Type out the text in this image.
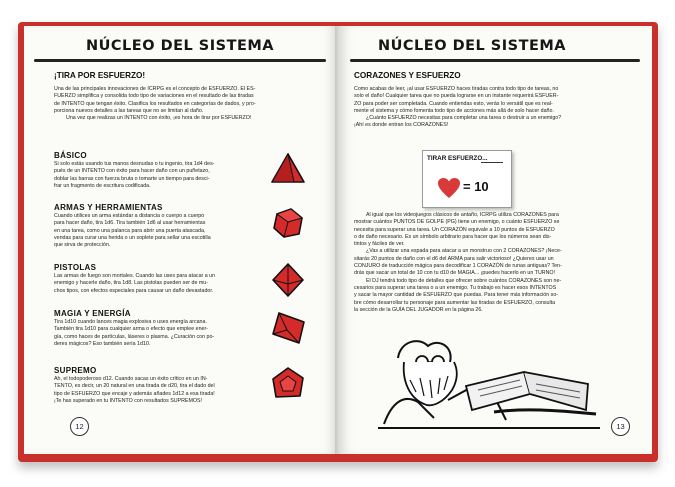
NÚCLEO DEL SISTEMA
¡TIRA POR ESFUERZO!
Una de las principales innovaciones de ICRPG es el concepto de ESFUERZO. El ES-
FUERZO simplifica y consolida todo tipo de variaciones en el resultado de las tiradas
de INTENTO que tengan éxito. Clasifica los resultados en categorías de dados, y pro-
porciona nuevos detalles a las tareas que no se limitan al daño.
Una vez que realizas un INTENTO con éxito, ¡es hora de tirar por ESFUERZO!
BÁSICO
Si solo estás usando tus manos desnudas o tu ingenio, tira 1d4 des-
pués de un INTENTO con éxito para hacer daño con un puñetazo,
doblar las barras con fuerza bruta o tomarte un tiempo para desci-
frar un fragmento de escritura codificada.
ARMAS Y HERRAMIENTAS
Cuando utilices un arma estándar a distancia o cuerpo a cuerpo
para hacer daño, tira 1d6. Tira también 1d6 al usar herramientas
en una tarea, como una palanca para abrir una puerta atascada,
vendas para curar una herida o un soplete para sellar una escotilla
que sirva de protección.
PISTOLAS
Las armas de fuego son mortales. Cuando las uses para atacar a un
enemigo y hacerle daño, tira 1d8. Las pistolas pueden ser de mu-
chos tipos, con efectos especiales para causar un daño devastador.
MAGIA Y ENERGÍA
Tira 1d10 cuando lances magia explosiva o uses energía arcana.
También tira 1d10 para cualquier arma o efecto que emplee ener-
gía, como haces de partículas, láseres o plasma. ¿Curación con po-
deres mágicos? Eso también sería 1d10.
SUPREMO
Ah, el todopoderoso d12. Cuando sacas un éxito crítico en un IN-
TENTO, es decir, un 20 natural en una tirada de d20, tira el dado del
tipo de ESFUERZO que encaje y además añades 1d12 a esa tirada!
¡Te has superado en tu INTENTO con resultados SUPREMOS!
12
NÚCLEO DEL SISTEMA
CORAZONES Y ESFUERZO
Como acabas de leer, ¡al usar ESFUERZO haces tiradas contra todo tipo de tareas, no
solo el daño! Cualquier tarea que no pueda lograrse en un instante requerirá ESFUER-
ZO para poder ser completada. Cuando entiendas esto, verás lo versátil que es real-
mente el sistema y cómo fomenta todo tipo de acciones más allá de solo hacer daño.
¿Cuánto ESFUERZO necesitas para completar una tarea o destruir a un enemigo?
¡Ahí es donde entran los CORAZONES!
TIRAR ESFUERZO...
= 10
Al igual que los videojuegos clásicos de antaño, ICRPG utiliza CORAZONES para
mostrar cuántos PUNTOS DE GOLPE (PG) tiene un enemigo, o cuánto ESFUERZO se
necesita para superar una tarea. Un CORAZÓN equivale a 10 puntos de ESFUERZO
o de daño necesario. Es un símbolo arbitrario para hacer que los números sean dis-
tintos y fáciles de ver.
¿Vas a utilizar una espada para atacar a un monstruo con 2 CORAZONES? ¡Nece-
sitarás 20 puntos de daño con el d6 del ARMA para salir victorioso! ¿Quieres usar un
CONJURO de traducción mágica para decodificar 1 CORAZÓN de runas antiguas? Ten-
drás que sacar un total de 10 con tu d10 de MAGIA... ¡puedes hacerlo en un TURNO!
El DJ tendrá todo tipo de detalles que ofrecer sobre cuántos CORAZONES son ne-
cesarios para superar una tarea o a un enemigo. Tu trabajo es hacer esos INTENTOS
y sacar la mayor cantidad de ESFUERZO que puedas. Para tener más información so-
bre cómo desarrollar tu personaje para aumentar las tiradas de ESFUERZO, consulta
la sección de la GUÍA DEL JUGADOR en la página 26.
13
